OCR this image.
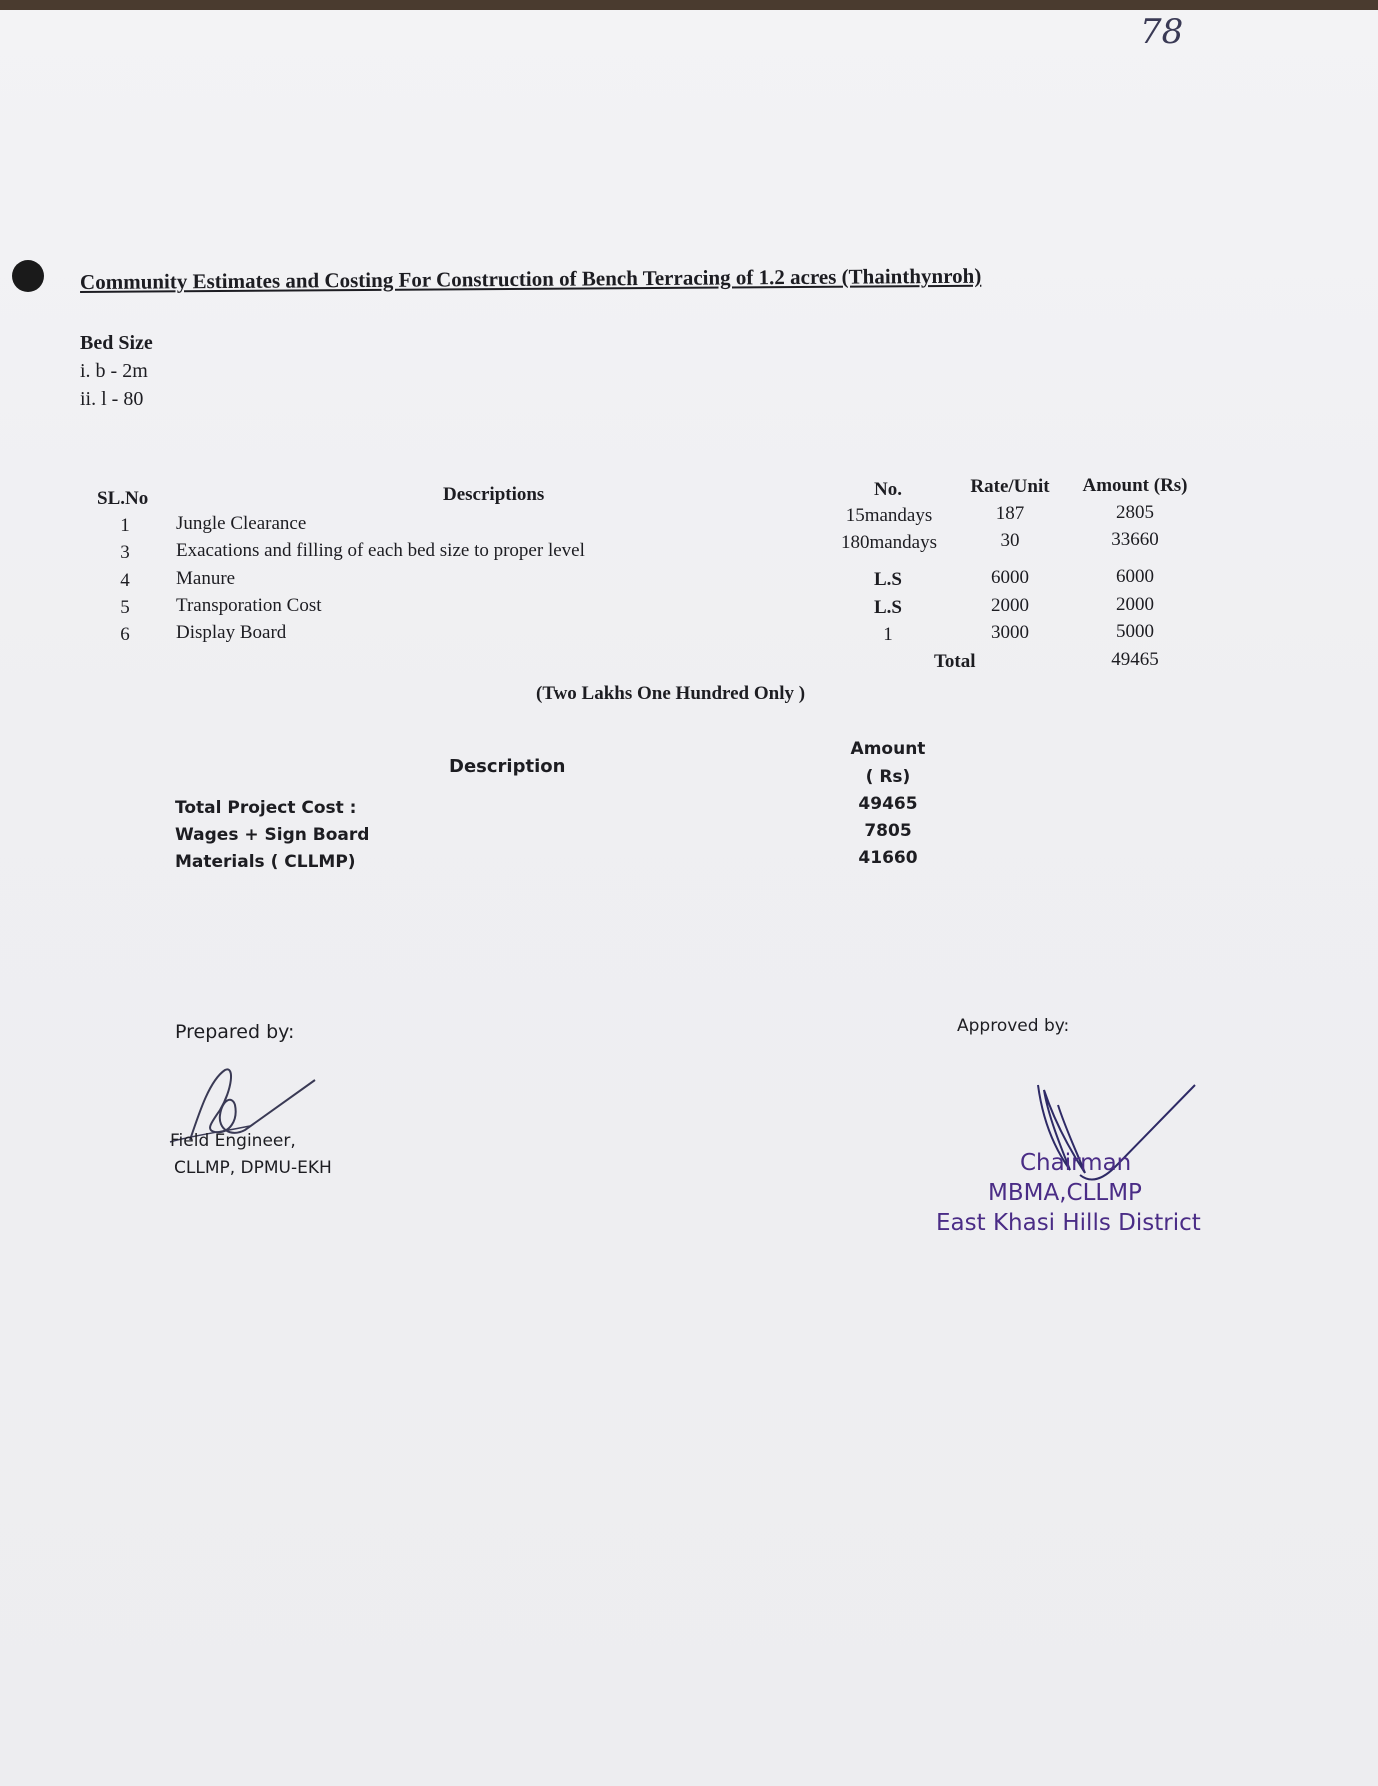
78
Community Estimates and Costing For Construction of Bench Terracing of 1.2 acres (Thainthynroh)
Bed Size
i. b - 2m
ii. l - 80
SL.No	Descriptions	No.	Rate/Unit	Amount (Rs)
1	Jungle Clearance	15mandays	187	2805
3	Exacations and filling of each bed size to proper level	180mandays	30	33660
4	Manure	L.S	6000	6000
5	Transporation Cost	L.S	2000	2000
6	Display Board	1	3000	5000
Total	49465
(Two Lakhs One Hundred Only )
Description
Amount
( Rs)
Total Project Cost :	49465
Wages + Sign Board	7805
Materials ( CLLMP)	41660
Prepared by:
Field Engineer,
CLLMP, DPMU-EKH
Approved by:
Chairman
MBMA,CLLMP
East Khasi Hills District
